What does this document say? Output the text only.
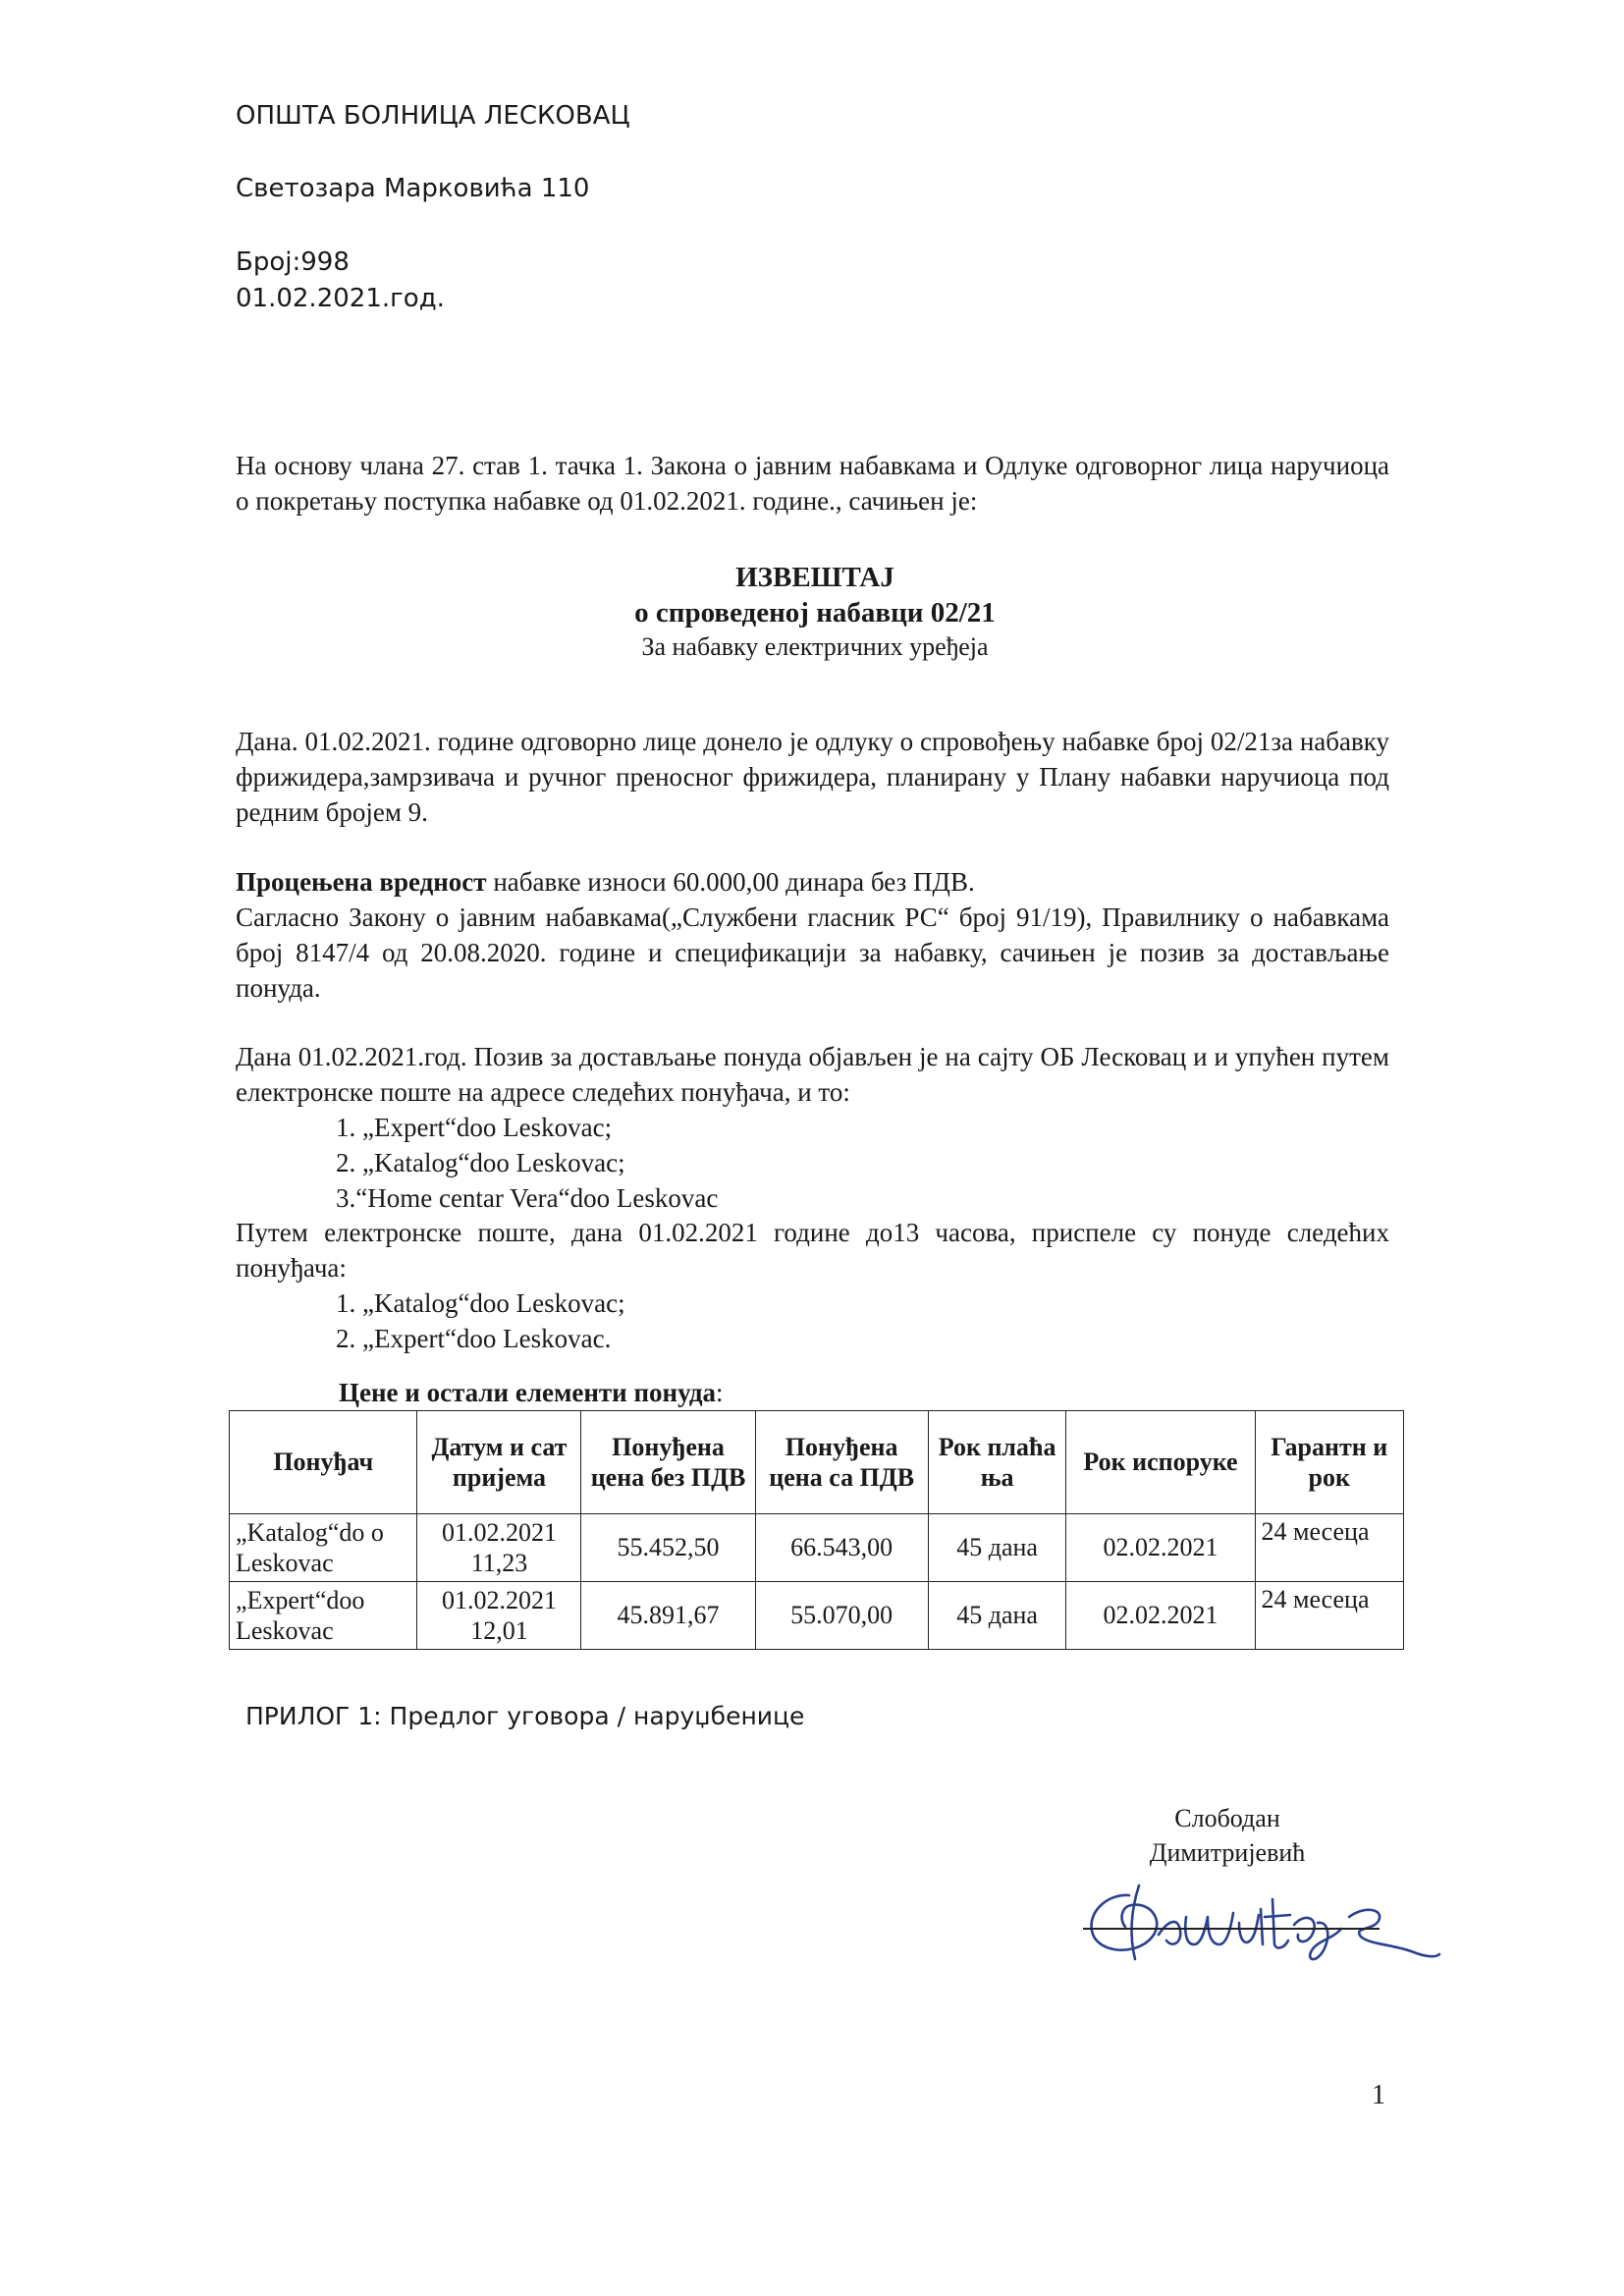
ОПШТА БОЛНИЦА ЛЕСКОВАЦ
Светозара Марковића 110
Број:998
01.02.2021.год.
На основу члана 27. став 1. тачка 1. Закона о јавним набавкама и Одлуке одговорног лица наручиоца о покретању поступка набавке од 01.02.2021. године., сачињен је:
ИЗВЕШТАЈ
о спроведеној набавци 02/21
За набавку електричних уређеја
Дана. 01.02.2021. године одговорно лице донело је одлуку о спровођењу набавке број 02/21за набавку фрижидера,замрзивача и ручног преносног фрижидера, планирану у Плану набавки наручиоца под редним бројем 9.
Процењена вредност набавке износи 60.000,00 динара без ПДВ.
Сагласно Закону о јавним набавкама(„Службени гласник РС“ број 91/19), Правилнику о набавкама број 8147/4 од 20.08.2020. године и спецификацији за набавку, сачињен је позив за достављање понуда.
Дана 01.02.2021.год. Позив за достављање понуда објављен је на сајту ОБ Лесковац и и упућен путем електронске поште на адресе следећих понуђача, и то:

1. „Expert“doo Leskovac;

2. „Katalog“doo Leskovac;

3.“Home centar Vera“doo Leskovac

Путем електронске поште, дана 01.02.2021 године до13 часова, приспеле су понуде следећих понуђача:

1. „Katalog“doo Leskovac;

2. „Expert“doo Leskovac.

Цене и остали елементи понуда:
Понуђач	Датум и сат пријема	Понуђена цена без ПДВ	Понуђена цена са ПДВ	Рок плаћа ња	Рок испоруке	Гарантн и рок
„Katalog“do o Leskovac	01.02.2021 11,23	55.452,50	66.543,00	45 дана	02.02.2021	24 месеца
„Expert“doo Leskovac	01.02.2021 12,01	45.891,67	55.070,00	45 дана	02.02.2021	24 месеца
ПРИЛОГ 1: Предлог уговора / наруџбенице
Слободан
Димитријевић
1
